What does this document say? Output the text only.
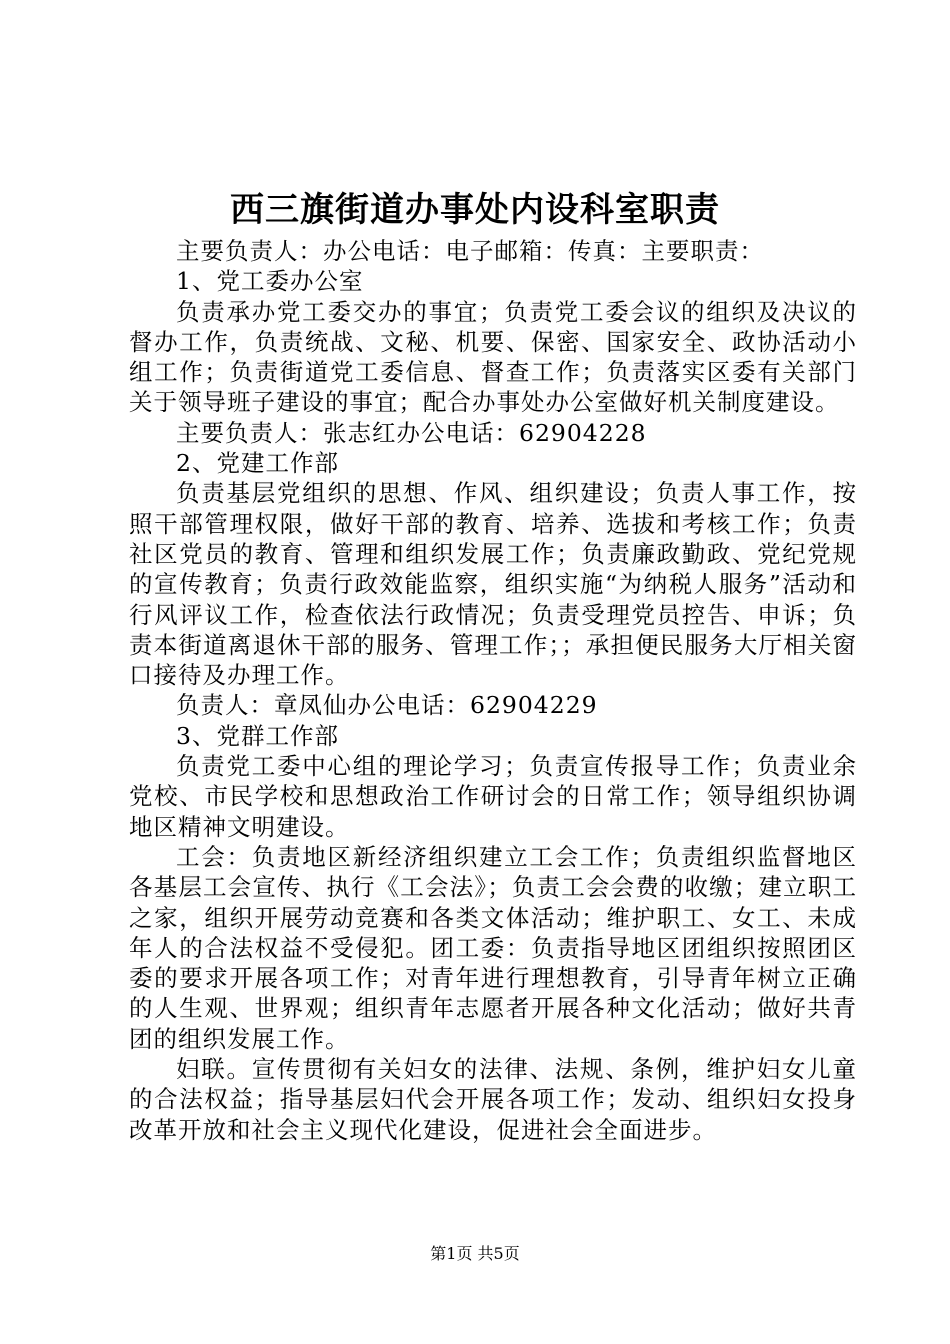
西三旗街道办事处内设科室职责

主要负责人：办公电话：电子邮箱：传真：主要职责：

1、党工委办公室

负责承办党工委交办的事宜；负责党工委会议的组织及决议的督办工作，负责统战、文秘、机要、保密、国家安全、政协活动小组工作；负责街道党工委信息、督查工作；负责落实区委有关部门关于领导班子建设的事宜；配合办事处办公室做好机关制度建设。

主要负责人：张志红办公电话：62904228

2、党建工作部

负责基层党组织的思想、作风、组织建设；负责人事工作，按照干部管理权限，做好干部的教育、培养、选拔和考核工作；负责社区党员的教育、管理和组织发展工作；负责廉政勤政、党纪党规的宣传教育；负责行政效能监察，组织实施“为纳税人服务”活动和行风评议工作，检查依法行政情况；负责受理党员控告、申诉；负责本街道离退休干部的服务、管理工作；；承担便民服务大厅相关窗口接待及办理工作。

负责人：章凤仙办公电话：62904229

3、党群工作部

负责党工委中心组的理论学习；负责宣传报导工作；负责业余党校、市民学校和思想政治工作研讨会的日常工作；领导组织协调地区精神文明建设。

工会：负责地区新经济组织建立工会工作；负责组织监督地区各基层工会宣传、执行《工会法》；负责工会会费的收缴；建立职工之家，组织开展劳动竞赛和各类文体活动；维护职工、女工、未成年人的合法权益不受侵犯。团工委：负责指导地区团组织按照团区委的要求开展各项工作；对青年进行理想教育，引导青年树立正确的人生观、世界观；组织青年志愿者开展各种文化活动；做好共青团的组织发展工作。

妇联。宣传贯彻有关妇女的法律、法规、条例，维护妇女儿童的合法权益；指导基层妇代会开展各项工作；发动、组织妇女投身改革开放和社会主义现代化建设，促进社会全面进步。

第1页 共5页
